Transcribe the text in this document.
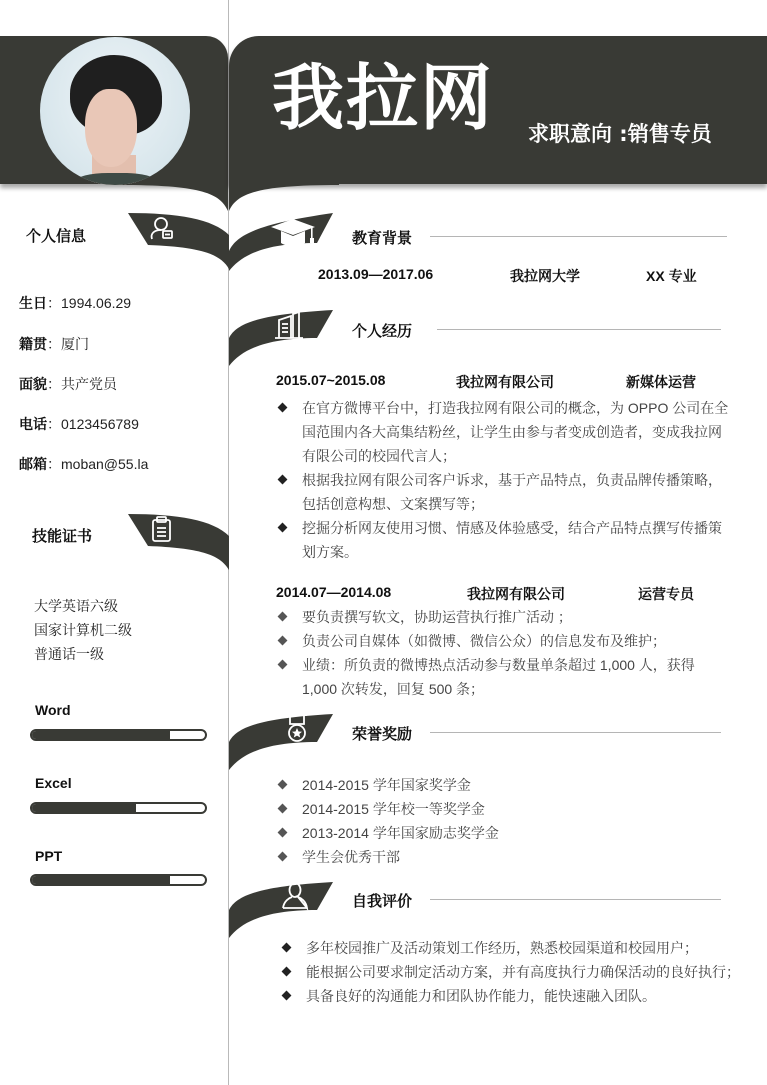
我拉网 求职意向 :销售专员
个人信息
生日：1994.06.29
籍贯：厦门
面貌：共产党员
电话：0123456789
邮箱：moban@55.la
技能证书
大学英语六级
国家计算机二级
普通话一级
Word
Excel
PPT
教育背景
2013.09—2017.06	我拉网大学	XX 专业
个人经历
2015.07~2015.08	我拉网有限公司	新媒体运营
在官方微博平台中，打造我拉网有限公司的概念，为 OPPO 公司在全国范围内各大高集结粉丝，让学生由参与者变成创造者，变成我拉网有限公司的校园代言人；
根据我拉网有限公司客户诉求，基于产品特点，负责品牌传播策略，包括创意构想、文案撰写等；
挖掘分析网友使用习惯、情感及体验感受，结合产品特点撰写传播策划方案。
2014.07—2014.08	我拉网有限公司	运营专员
要负责撰写软文，协助运营执行推广活动 ；
负责公司自媒体（如微博、微信公众）的信息发布及维护；
业绩：所负责的微博热点活动参与数量单条超过 1,000 人，获得 1,000 次转发，回复 500 条；
荣誉奖励
2014-2015 学年国家奖学金
2014-2015 学年校一等奖学金
2013-2014 学年国家励志奖学金
学生会优秀干部
自我评价
多年校园推广及活动策划工作经历，熟悉校园渠道和校园用户；
能根据公司要求制定活动方案，并有高度执行力确保活动的良好执行；
具备良好的沟通能力和团队协作能力，能快速融入团队。
